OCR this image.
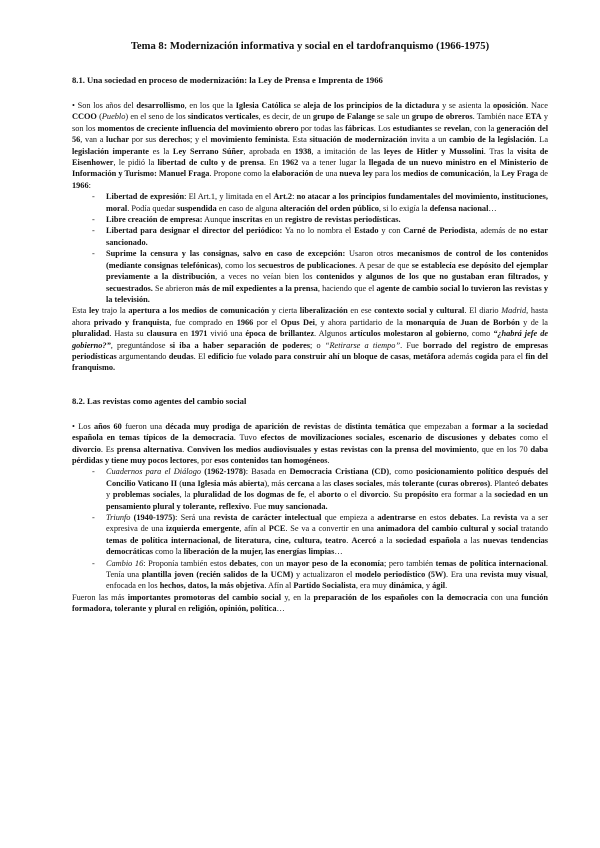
Tema 8: Modernización informativa y social en el tardofranquismo (1966-1975)
8.1. Una sociedad en proceso de modernización: la Ley de Prensa e Imprenta de 1966

• Son los años del desarrollismo, en los que la Iglesia Católica se aleja de los principios de la dictadura y se asienta la oposición. Nace CCOO (Pueblo) en el seno de los sindicatos verticales, es decir, de un grupo de Falange se sale un grupo de obreros. También nace ETA y son los momentos de creciente influencia del movimiento obrero por todas las fábricas. Los estudiantes se revelan, con la generación del 56, van a luchar por sus derechos; y el movimiento feminista. Esta situación de modernización invita a un cambio de la legislación. La legislación imperante es la Ley Serrano Súñer, aprobada en 1938, a imitación de las leyes de Hitler y Mussolini. Tras la visita de Eisenhower, le pidió la libertad de culto y de prensa. En 1962 va a tener lugar la llegada de un nuevo ministro en el Ministerio de Información y Turismo: Manuel Fraga. Propone como la elaboración de una nueva ley para los medios de comunicación, la Ley Fraga de 1966:

- Libertad de expresión: El Art.1, y limitada en el Art.2: no atacar a los principios fundamentales del movimiento, instituciones, moral. Podía quedar suspendida en caso de alguna alteración del orden público, si lo exigía la defensa nacional…
- Libre creación de empresa: Aunque inscritas en un registro de revistas periodísticas.
- Libertad para designar el director del periódico: Ya no lo nombra el Estado y con Carné de Periodista, además de no estar sancionado.
- Suprime la censura y las consignas, salvo en caso de excepción: Usaron otros mecanismos de control de los contenidos (mediante consignas telefónicas), como los secuestros de publicaciones. A pesar de que se establecía ese depósito del ejemplar previamente a la distribución, a veces no veían bien los contenidos y algunos de los que no gustaban eran filtrados, y secuestrados. Se abrieron más de mil expedientes a la prensa, haciendo que el agente de cambio social lo tuvieron las revistas y la televisión.

Esta ley trajo la apertura a los medios de comunicación y cierta liberalización en ese contexto social y cultural. El diario Madrid, hasta ahora privado y franquista, fue comprado en 1966 por el Opus Dei, y ahora partidario de la monarquía de Juan de Borbón y de la pluralidad. Hasta su clausura en 1971 vivió una época de brillantez. Algunos artículos molestaron al gobierno, como “¿habrá jefe de gobierno?”, preguntándose si iba a haber separación de poderes; o “Retirarse a tiempo”. Fue borrado del registro de empresas periodísticas argumentando deudas. El edificio fue volado para construir ahí un bloque de casas, metáfora además cogida para el fin del franquismo.

8.2. Las revistas como agentes del cambio social

• Los años 60 fueron una década muy prodiga de aparición de revistas de distinta temática que empezaban a formar a la sociedad española en temas típicos de la democracia. Tuvo efectos de movilizaciones sociales, escenario de discusiones y debates como el divorcio. Es prensa alternativa. Conviven los medios audiovisuales y estas revistas con la prensa del movimiento, que en los 70 daba pérdidas y tiene muy pocos lectores, por esos contenidos tan homogéneos.

- Cuadernos para el Diálogo (1962-1978): Basada en Democracia Cristiana (CD), como posicionamiento político después del Concilio Vaticano II (una Iglesia más abierta), más cercana a las clases sociales, más tolerante (curas obreros). Planteó debates y problemas sociales, la pluralidad de los dogmas de fe, el aborto o el divorcio. Su propósito era formar a la sociedad en un pensamiento plural y tolerante, reflexivo. Fue muy sancionada.
- Triunfo (1940-1975): Será una revista de carácter intelectual que empieza a adentrarse en estos debates. La revista va a ser expresiva de una izquierda emergente, afín al PCE. Se va a convertir en una animadora del cambio cultural y social tratando temas de política internacional, de literatura, cine, cultura, teatro. Acercó a la sociedad española a las nuevas tendencias democráticas como la liberación de la mujer, las energías limpias…
- Cambio 16: Proponía también estos debates, con un mayor peso de la economía; pero también temas de política internacional. Tenía una plantilla joven (recién salidos de la UCM) y actualizaron el modelo periodístico (5W). Era una revista muy visual, enfocada en los hechos, datos, la más objetiva. Afín al Partido Socialista, era muy dinámica, y ágil.

Fueron las más importantes promotoras del cambio social y, en la preparación de los españoles con la democracia con una función formadora, tolerante y plural en religión, opinión, política…
